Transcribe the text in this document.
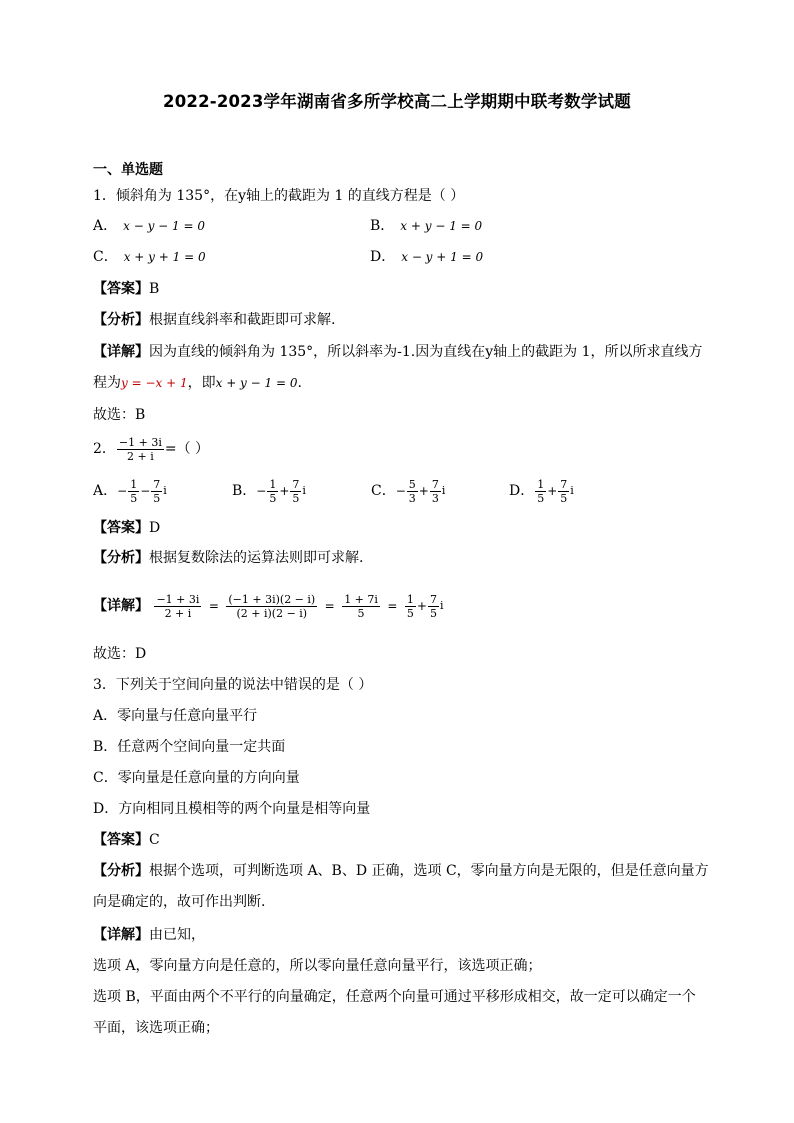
2022-2023学年湖南省多所学校高二上学期期中联考数学试题
一、单选题
1．倾斜角为 135°，在y轴上的截距为 1 的直线方程是（ ）
A． x − y − 1 = 0	B． x + y − 1 = 0
C． x + y + 1 = 0	D． x − y + 1 = 0
【答案】B
【分析】根据直线斜率和截距即可求解.
【详解】因为直线的倾斜角为 135°，所以斜率为-1.因为直线在y轴上的截距为 1，所以所求直线方
程为y = −x + 1，即x + y − 1 = 0.
故选：B
2． $\frac{-1 + 3i}{2 + i}$ =（ ）
A．− $\frac{1}{5} - \frac{7}{5}$ i	B．− $\frac{1}{5} + \frac{7}{5}$ i	C．− $\frac{5}{3} + \frac{7}{3}$ i	D． $\frac{1}{5} + \frac{7}{5}$ i
【答案】D
【分析】根据复数除法的运算法则即可求解.
【详解】 $\frac{-1 + 3i}{2 + i} = \frac{(-1 + 3i)(2 - i)}{(2 + i)(2 - i)} = \frac{1 + 7i}{5} = \frac{1}{5} + \frac{7}{5}$ i
故选：D
3．下列关于空间向量的说法中错误的是（ ）
A．零向量与任意向量平行
B．任意两个空间向量一定共面
C．零向量是任意向量的方向向量
D．方向相同且模相等的两个向量是相等向量
【答案】C
【分析】根据个选项，可判断选项 A、B、D 正确，选项 C，零向量方向是无限的，但是任意向量方
向是确定的，故可作出判断.
【详解】由已知，
选项 A，零向量方向是任意的，所以零向量任意向量平行，该选项正确；
选项 B，平面由两个不平行的向量确定，任意两个向量可通过平移形成相交，故一定可以确定一个
平面，该选项正确；
